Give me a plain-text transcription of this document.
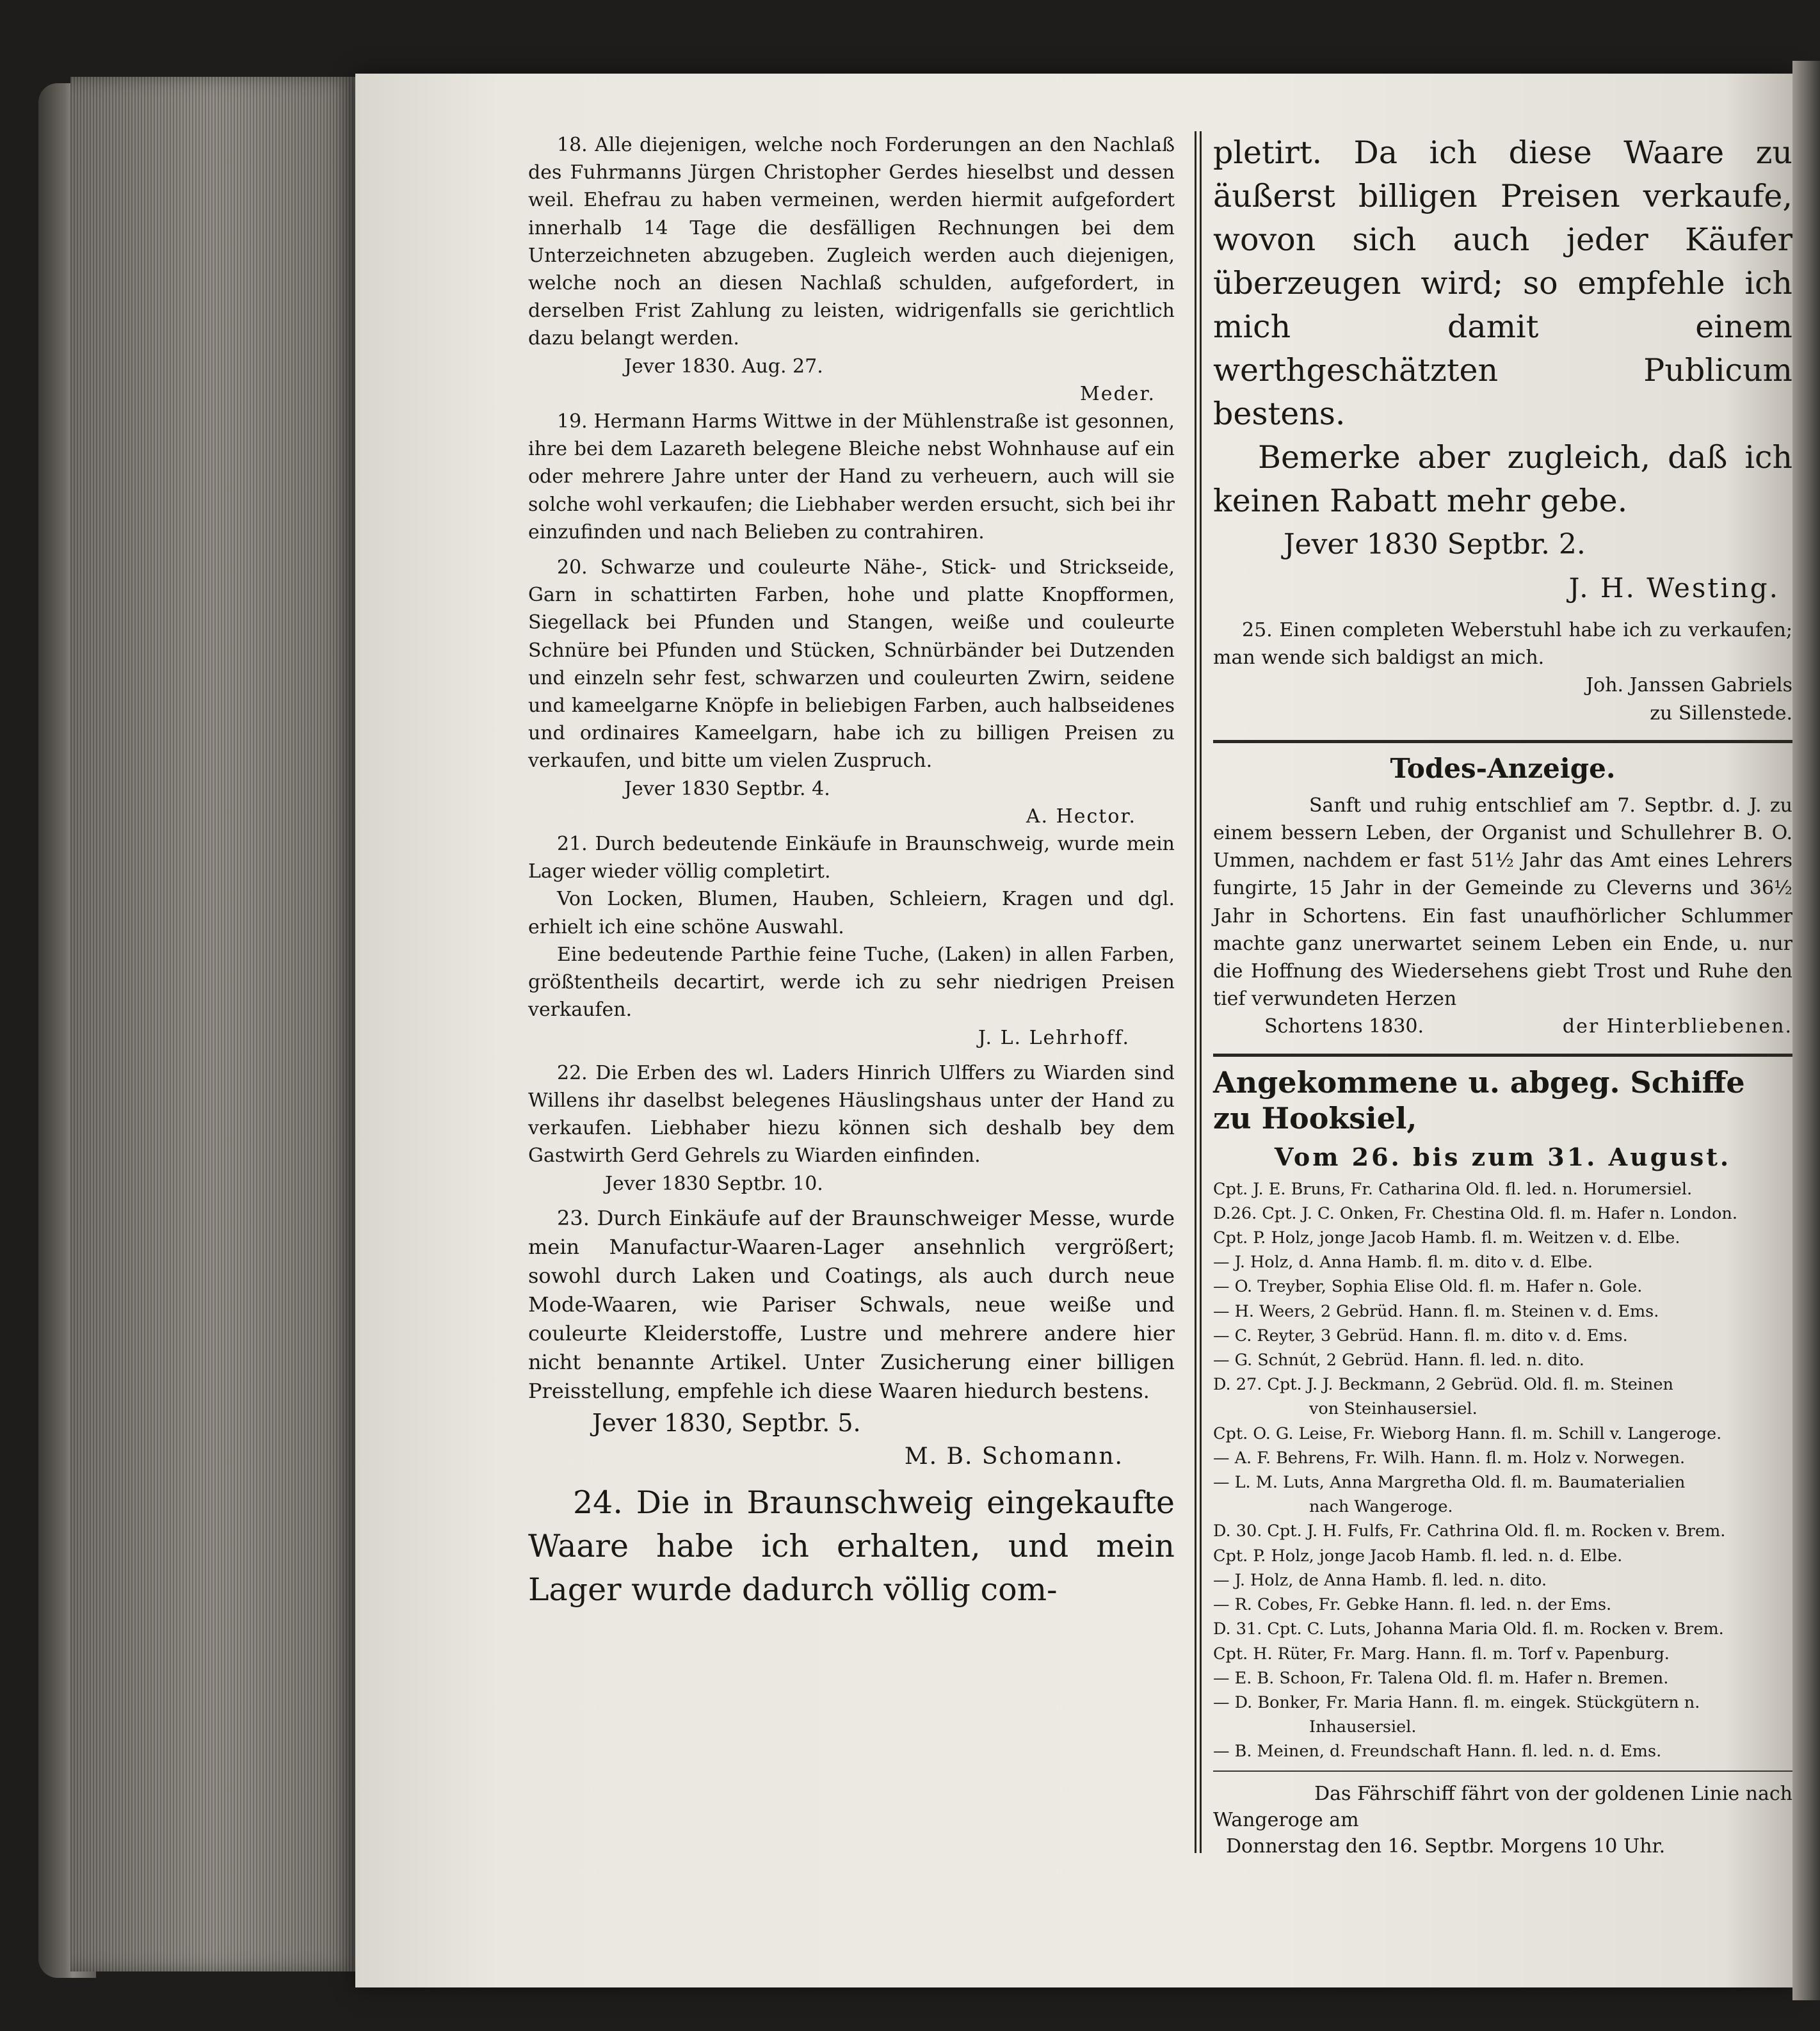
18. Alle diejenigen, welche noch Forderungen an den Nachlaß des Fuhrmanns Jürgen Christopher Gerdes hieselbst und dessen weil. Ehefrau zu haben vermeinen, werden hiermit aufgefordert innerhalb 14 Tage die desfälligen Rechnungen bei dem Unterzeichneten abzugeben. Zugleich werden auch diejenigen, welche noch an diesen Nachlaß schulden, aufgefordert, in derselben Frist Zahlung zu leisten, widrigenfalls sie gerichtlich dazu belangt werden.

Jever 1830. Aug. 27.

Meder.

19. Hermann Harms Wittwe in der Mühlenstraße ist gesonnen, ihre bei dem Lazareth belegene Bleiche nebst Wohnhause auf ein oder mehrere Jahre unter der Hand zu verheuern, auch will sie solche wohl verkaufen; die Liebhaber werden ersucht, sich bei ihr einzufinden und nach Belieben zu contrahiren.

20. Schwarze und couleurte Nähe-, Stick- und Strickseide, Garn in schattirten Farben, hohe und platte Knopfformen, Siegellack bei Pfunden und Stangen, weiße und couleurte Schnüre bei Pfunden und Stücken, Schnürbänder bei Dutzenden und einzeln sehr fest, schwarzen und couleurten Zwirn, seidene und kameelgarne Knöpfe in beliebigen Farben, auch halbseidenes und ordinaires Kameelgarn, habe ich zu billigen Preisen zu verkaufen, und bitte um vielen Zuspruch.

Jever 1830 Septbr. 4.

A. Hector.

21. Durch bedeutende Einkäufe in Braunschweig, wurde mein Lager wieder völlig completirt.

Von Locken, Blumen, Hauben, Schleiern, Kragen und dgl. erhielt ich eine schöne Auswahl.

Eine bedeutende Parthie feine Tuche, (Laken) in allen Farben, größtentheils decartirt, werde ich zu sehr niedrigen Preisen verkaufen.

J. L. Lehrhoff.

22. Die Erben des wl. Laders Hinrich Ulffers zu Wiarden sind Willens ihr daselbst belegenes Häuslingshaus unter der Hand zu verkaufen. Liebhaber hiezu können sich deshalb bey dem Gastwirth Gerd Gehrels zu Wiarden einfinden.

Jever 1830 Septbr. 10.

23. Durch Einkäufe auf der Braunschweiger Messe, wurde mein Manufactur-Waaren-Lager ansehnlich vergrößert; sowohl durch Laken und Coatings, als auch durch neue Mode-Waaren, wie Pariser Schwals, neue weiße und couleurte Kleiderstoffe, Lustre und mehrere andere hier nicht benannte Artikel. Unter Zusicherung einer billigen Preisstellung, empfehle ich diese Waaren hiedurch bestens.

Jever 1830, Septbr. 5.

M. B. Schomann.

24. Die in Braunschweig eingekaufte Waare habe ich erhalten, und mein Lager wurde dadurch völlig com-

pletirt. Da ich diese Waare zu äußerst billigen Preisen verkaufe, wovon sich auch jeder Käufer überzeugen wird; so empfehle ich mich damit einem werthgeschätzten Publicum bestens.

Bemerke aber zugleich, daß ich keinen Rabatt mehr gebe.

Jever 1830 Septbr. 2.

J. H. Westing.

25. Einen completen Weberstuhl habe ich zu verkaufen; man wende sich baldigst an mich.

Joh. Janssen Gabriels

zu Sillenstede.

Todes-Anzeige.

Sanft und ruhig entschlief am 7. Septbr. d. J. zu einem bessern Leben, der Organist und Schullehrer B. O. Ummen, nachdem er fast 51½ Jahr das Amt eines Lehrers fungirte, 15 Jahr in der Gemeinde zu Cleverns und 36½ Jahr in Schortens. Ein fast unaufhörlicher Schlummer machte ganz unerwartet seinem Leben ein Ende, u. nur die Hoffnung des Wiedersehens giebt Trost und Ruhe den tief verwundeten Herzen

Schortens 1830.	der Hinterbliebenen.

Angekommene u. abgeg. Schiffe zu Hooksiel,
Vom 26. bis zum 31. August.

Cpt. J. E. Bruns, Fr. Catharina Old. fl. led. n. Horumersiel.

D.26. Cpt. J. C. Onken, Fr. Chestina Old. fl. m. Hafer n. London.

Cpt. P. Holz, jonge Jacob Hamb. fl. m. Weitzen v. d. Elbe.

— J. Holz, d. Anna Hamb. fl. m. dito v. d. Elbe.

— O. Treyber, Sophia Elise Old. fl. m. Hafer n. Gole.

— H. Weers, 2 Gebrüd. Hann. fl. m. Steinen v. d. Ems.

— C. Reyter, 3 Gebrüd. Hann. fl. m. dito v. d. Ems.

— G. Schnút, 2 Gebrüd. Hann. fl. led. n. dito.

D. 27. Cpt. J. J. Beckmann, 2 Gebrüd. Old. fl. m. Steinen

von Steinhausersiel.

Cpt. O. G. Leise, Fr. Wieborg Hann. fl. m. Schill v. Langeroge.

— A. F. Behrens, Fr. Wilh. Hann. fl. m. Holz v. Norwegen.

— L. M. Luts, Anna Margretha Old. fl. m. Baumaterialien

nach Wangeroge.

D. 30. Cpt. J. H. Fulfs, Fr. Cathrina Old. fl. m. Rocken v. Brem.

Cpt. P. Holz, jonge Jacob Hamb. fl. led. n. d. Elbe.

— J. Holz, de Anna Hamb. fl. led. n. dito.

— R. Cobes, Fr. Gebke Hann. fl. led. n. der Ems.

D. 31. Cpt. C. Luts, Johanna Maria Old. fl. m. Rocken v. Brem.

Cpt. H. Rüter, Fr. Marg. Hann. fl. m. Torf v. Papenburg.

— E. B. Schoon, Fr. Talena Old. fl. m. Hafer n. Bremen.

— D. Bonker, Fr. Maria Hann. fl. m. eingek. Stückgütern n.

Inhausersiel.

— B. Meinen, d. Freundschaft Hann. fl. led. n. d. Ems.

Das Fährschiff fährt von der goldenen Linie nach

Wangeroge am

Donnerstag den 16. Septbr. Morgens 10 Uhr.
